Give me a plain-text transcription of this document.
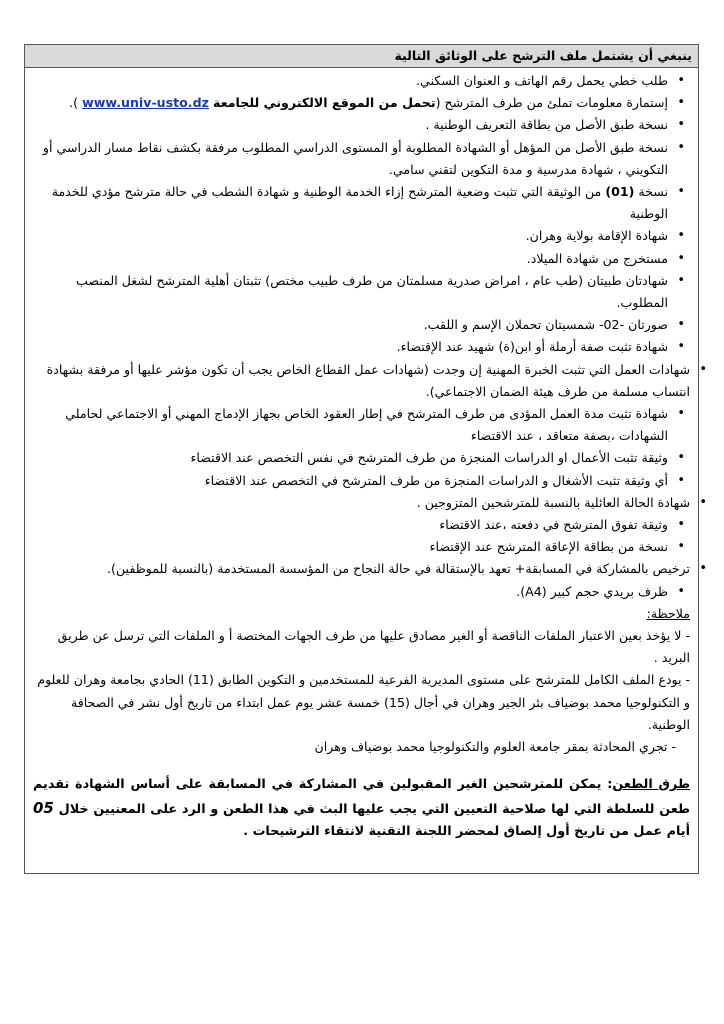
ينبغي أن يشتمل ملف الترشح على الوثائق التالية
• طلب خطي يحمل رقم الهاتف و العنوان السكني.
• إستمارة معلومات تملئ من طرف المترشح (تحمل من الموقع الالكتروني للجامعة www.univ-usto.dz ).
• نسخة طبق الأصل من بطاقة التعريف الوطنية .
• نسخة طبق الأصل من المؤهل أو الشهادة المطلوبة أو المستوى الدراسي المطلوب مرفقة بكشف نقاط مسار الدراسي أو التكويني ، شهادة مدرسية و مدة التكوين لتقني سامي.
• نسخة (01) من الوثيقة التي تثبت وضعية المترشح إزاء الخدمة الوطنية و شهادة الشطب في حالة مترشح مؤدي للخدمة الوطنية
• شهادة الإقامة بولاية وهران.
• مستخرج من شهادة الميلاد.
• شهادتان طبيتان (طب عام ، امراض صدرية مسلمتان من طرف طبيب مختص) تثبتان أهلية المترشح لشغل المنصب المطلوب.
• صورتان -02- شمسيتان تحملان الإسم و اللقب.
• شهادة تثبت صفة أرملة أو ابن(ة) شهيد عند الإقتضاء.
• شهادات العمل التي تثبت الخبرة المهنية إن وجدت (شهادات عمل القطاع الخاص يجب أن تكون مؤشر عليها أو مرفقة بشهادة انتساب مسلمة من طرف هيئة الضمان الاجتماعي).
• شهادة تثبت مدة العمل المؤدى من طرف المترشح في إطار العقود الخاص بجهاز الإدماج المهني أو الاجتماعي لحاملي الشهادات ،بصفة متعاقد ، عند الاقتضاء
• وثيقة تثبت الأعمال او الدراسات المنجزة من طرف المترشح في نفس التخصص عند الاقتضاء
• أي وثيقة تثبت الأشغال و الدراسات المنجزة من طرف المترشح في التخصص عند الاقتضاء
• شهادة الحالة العائلية بالنسبة للمترشحين المتزوجين .
• وثيقة تفوق المترشح في دفعته ،عند الاقتضاء
• نسخة من بطاقة الإعاقة المترشح عند الإقتضاء
• ترخيص بالمشاركة في المسابقة+ تعهد بالإستقالة في حالة النجاح من المؤسسة المستخدمة (بالنسبة للموظفين).
• ظرف بريدي حجم كبير (A4).
ملاحظة:

- لا يؤخذ بعين الاعتبار الملفات الناقصة أو الغير مصادق عليها من طرف الجهات المختصة أ و الملفات التي ترسل عن طريق البريد .

- يودع الملف الكامل للمترشح على مستوى المديرية الفرعية للمستخدمين و التكوين الطابق (11) الحادي بجامعة وهران للعلوم و التكنولوجيا محمد بوضياف بئر الجير وهران في أجال (15) خمسة عشر يوم عمل ابتداء من تاريخ أول نشر في الصحافة الوطنية.

- تجري المحادثة بمقر جامعة العلوم والتكنولوجيا محمد بوضياف وهران

طرق الطعن: يمكن للمترشحين الغير المقبولين في المشاركة في المسابقة على أساس الشهادة تقديم طعن للسلطة التي لها صلاحية التعيين التي يجب عليها البث في هذا الطعن و الرد على المعنيين خلال 05 أيام عمل من تاريخ أول إلصاق لمحضر اللجنة التقنية لانتقاء الترشيحات .
